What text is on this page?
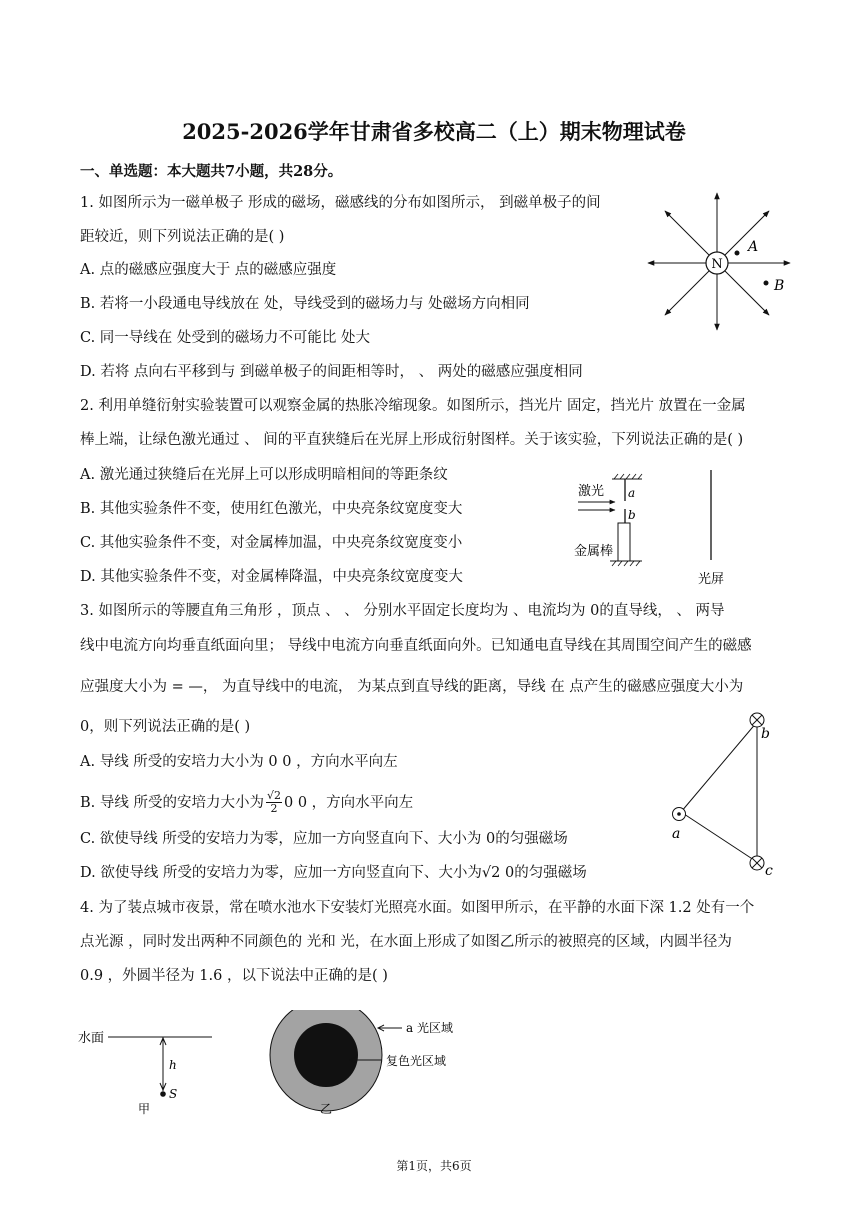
2025-2026学年甘肃省多校高二（上）期末物理试卷
一、单选题：本大题共7小题，共28分。
1. 如图所示为一磁单极子 形成的磁场，磁感线的分布如图所示， 到磁单极子的间
距较近，则下列说法正确的是( )
A. 点的磁感应强度大于 点的磁感应强度
B. 若将一小段通电导线放在 处，导线受到的磁场力与 处磁场方向相同
C. 同一导线在 处受到的磁场力不可能比 处大
D. 若将 点向右平移到与 到磁单极子的间距相等时， 、 两处的磁感应强度相同
N
A
B
2. 利用单缝衍射实验装置可以观察金属的热胀冷缩现象。如图所示，挡光片 固定，挡光片 放置在一金属
棒上端，让绿色激光通过 、 间的平直狭缝后在光屏上形成衍射图样。关于该实验，下列说法正确的是( )
A. 激光通过狭缝后在光屏上可以形成明暗相间的等距条纹
B. 其他实验条件不变，使用红色激光，中央亮条纹宽度变大
C. 其他实验条件不变，对金属棒加温，中央亮条纹宽度变小
D. 其他实验条件不变，对金属棒降温，中央亮条纹宽度变大
激光 a
b
金属棒
光屏
3. 如图所示的等腰直角三角形 ，顶点 、 、 分别水平固定长度均为 、电流均为 0的直导线， 、 两导
线中电流方向均垂直纸面向里； 导线中电流方向垂直纸面向外。已知通电直导线在其周围空间产生的磁感
应强度大小为 = —， 为直导线中的电流， 为某点到直导线的距离，导线 在 点产生的磁感应强度大小为
0，则下列说法正确的是( )
A. 导线 所受的安培力大小为 0 0 ，方向水平向左
B. 导线 所受的安培力大小为 $\frac{√2}{2} 0$ 0 ，方向水平向左
C. 欲使导线 所受的安培力为零，应加一方向竖直向下、大小为 0的匀强磁场
D. 欲使导线 所受的安培力为零，应加一方向竖直向下、大小为√2 0的匀强磁场
a
b
c
4. 为了装点城市夜景，常在喷水池水下安装灯光照亮水面。如图甲所示，在平静的水面下深 1.2 处有一个
点光源 ，同时发出两种不同颜色的 光和 光，在水面上形成了如图乙所示的被照亮的区域，内圆半径为
0.9 ，外圆半径为 1.6 ，以下说法中正确的是( )
水面
h
S
甲
a 光区域
复色光区域
乙
第1页，共6页
